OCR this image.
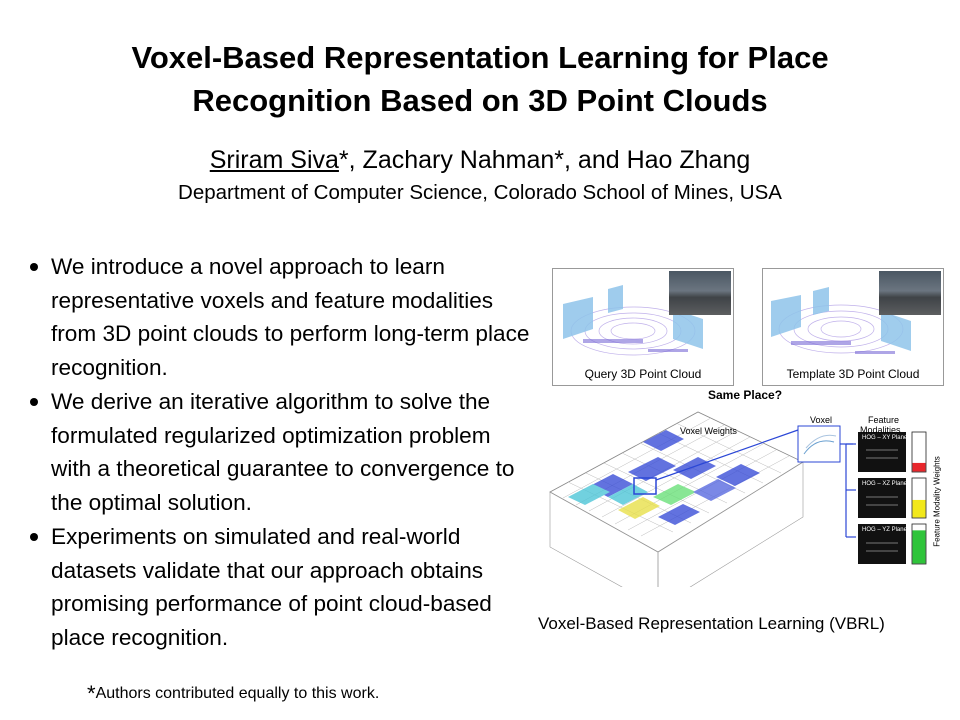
Voxel-Based Representation Learning for Place
Recognition Based on 3D Point Clouds
Sriram Siva*, Zachary Nahman*, and Hao Zhang
Department of Computer Science, Colorado School of Mines, USA
We introduce a novel approach to learn representative voxels and feature modalities from 3D point clouds to perform long-term place recognition.
We derive an iterative algorithm to solve the formulated regularized optimization problem with a theoretical guarantee to convergence to the optimal solution.
Experiments on simulated and real-world datasets validate that our approach obtains promising performance of point cloud-based place recognition.
*Authors contributed equally to this work.
Query 3D Point Cloud	Template 3D Point Cloud
Same Place?
Voxel Weights
Voxel	Feature
Modalities
HOG – XY Plane
HOG – XZ Plane
HOG – YZ Plane	Feature Modality Weights
Voxel-Based Representation Learning (VBRL)
